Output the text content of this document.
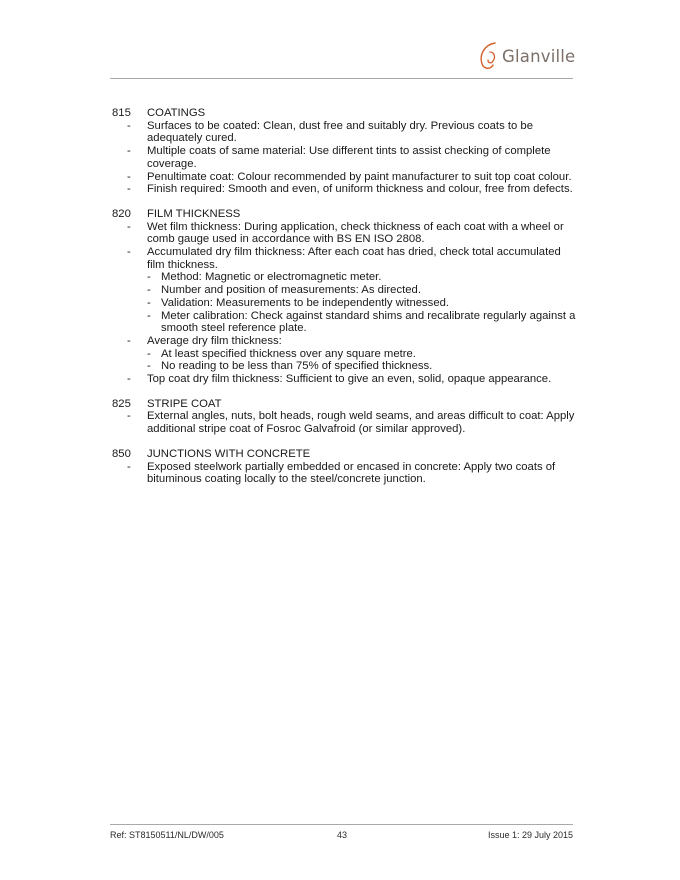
Glanville
815 COATINGS
- Surfaces to be coated: Clean, dust free and suitably dry. Previous coats to be adequately cured.
- Multiple coats of same material: Use different tints to assist checking of complete coverage.
- Penultimate coat: Colour recommended by paint manufacturer to suit top coat colour.
- Finish required: Smooth and even, of uniform thickness and colour, free from defects.
820 FILM THICKNESS
- Wet film thickness: During application, check thickness of each coat with a wheel or comb gauge used in accordance with BS EN ISO 2808.
- Accumulated dry film thickness: After each coat has dried, check total accumulated film thickness.
- Method: Magnetic or electromagnetic meter.
- Number and position of measurements: As directed.
- Validation: Measurements to be independently witnessed.
- Meter calibration: Check against standard shims and recalibrate regularly against a smooth steel reference plate.
- Average dry film thickness:
- At least specified thickness over any square metre.
- No reading to be less than 75% of specified thickness.
- Top coat dry film thickness: Sufficient to give an even, solid, opaque appearance.
825 STRIPE COAT
- External angles, nuts, bolt heads, rough weld seams, and areas difficult to coat: Apply additional stripe coat of Fosroc Galvafroid (or similar approved).
850 JUNCTIONS WITH CONCRETE
- Exposed steelwork partially embedded or encased in concrete: Apply two coats of bituminous coating locally to the steel/concrete junction.
Ref: ST8150511/NL/DW/005	43	Issue 1: 29 July 2015
